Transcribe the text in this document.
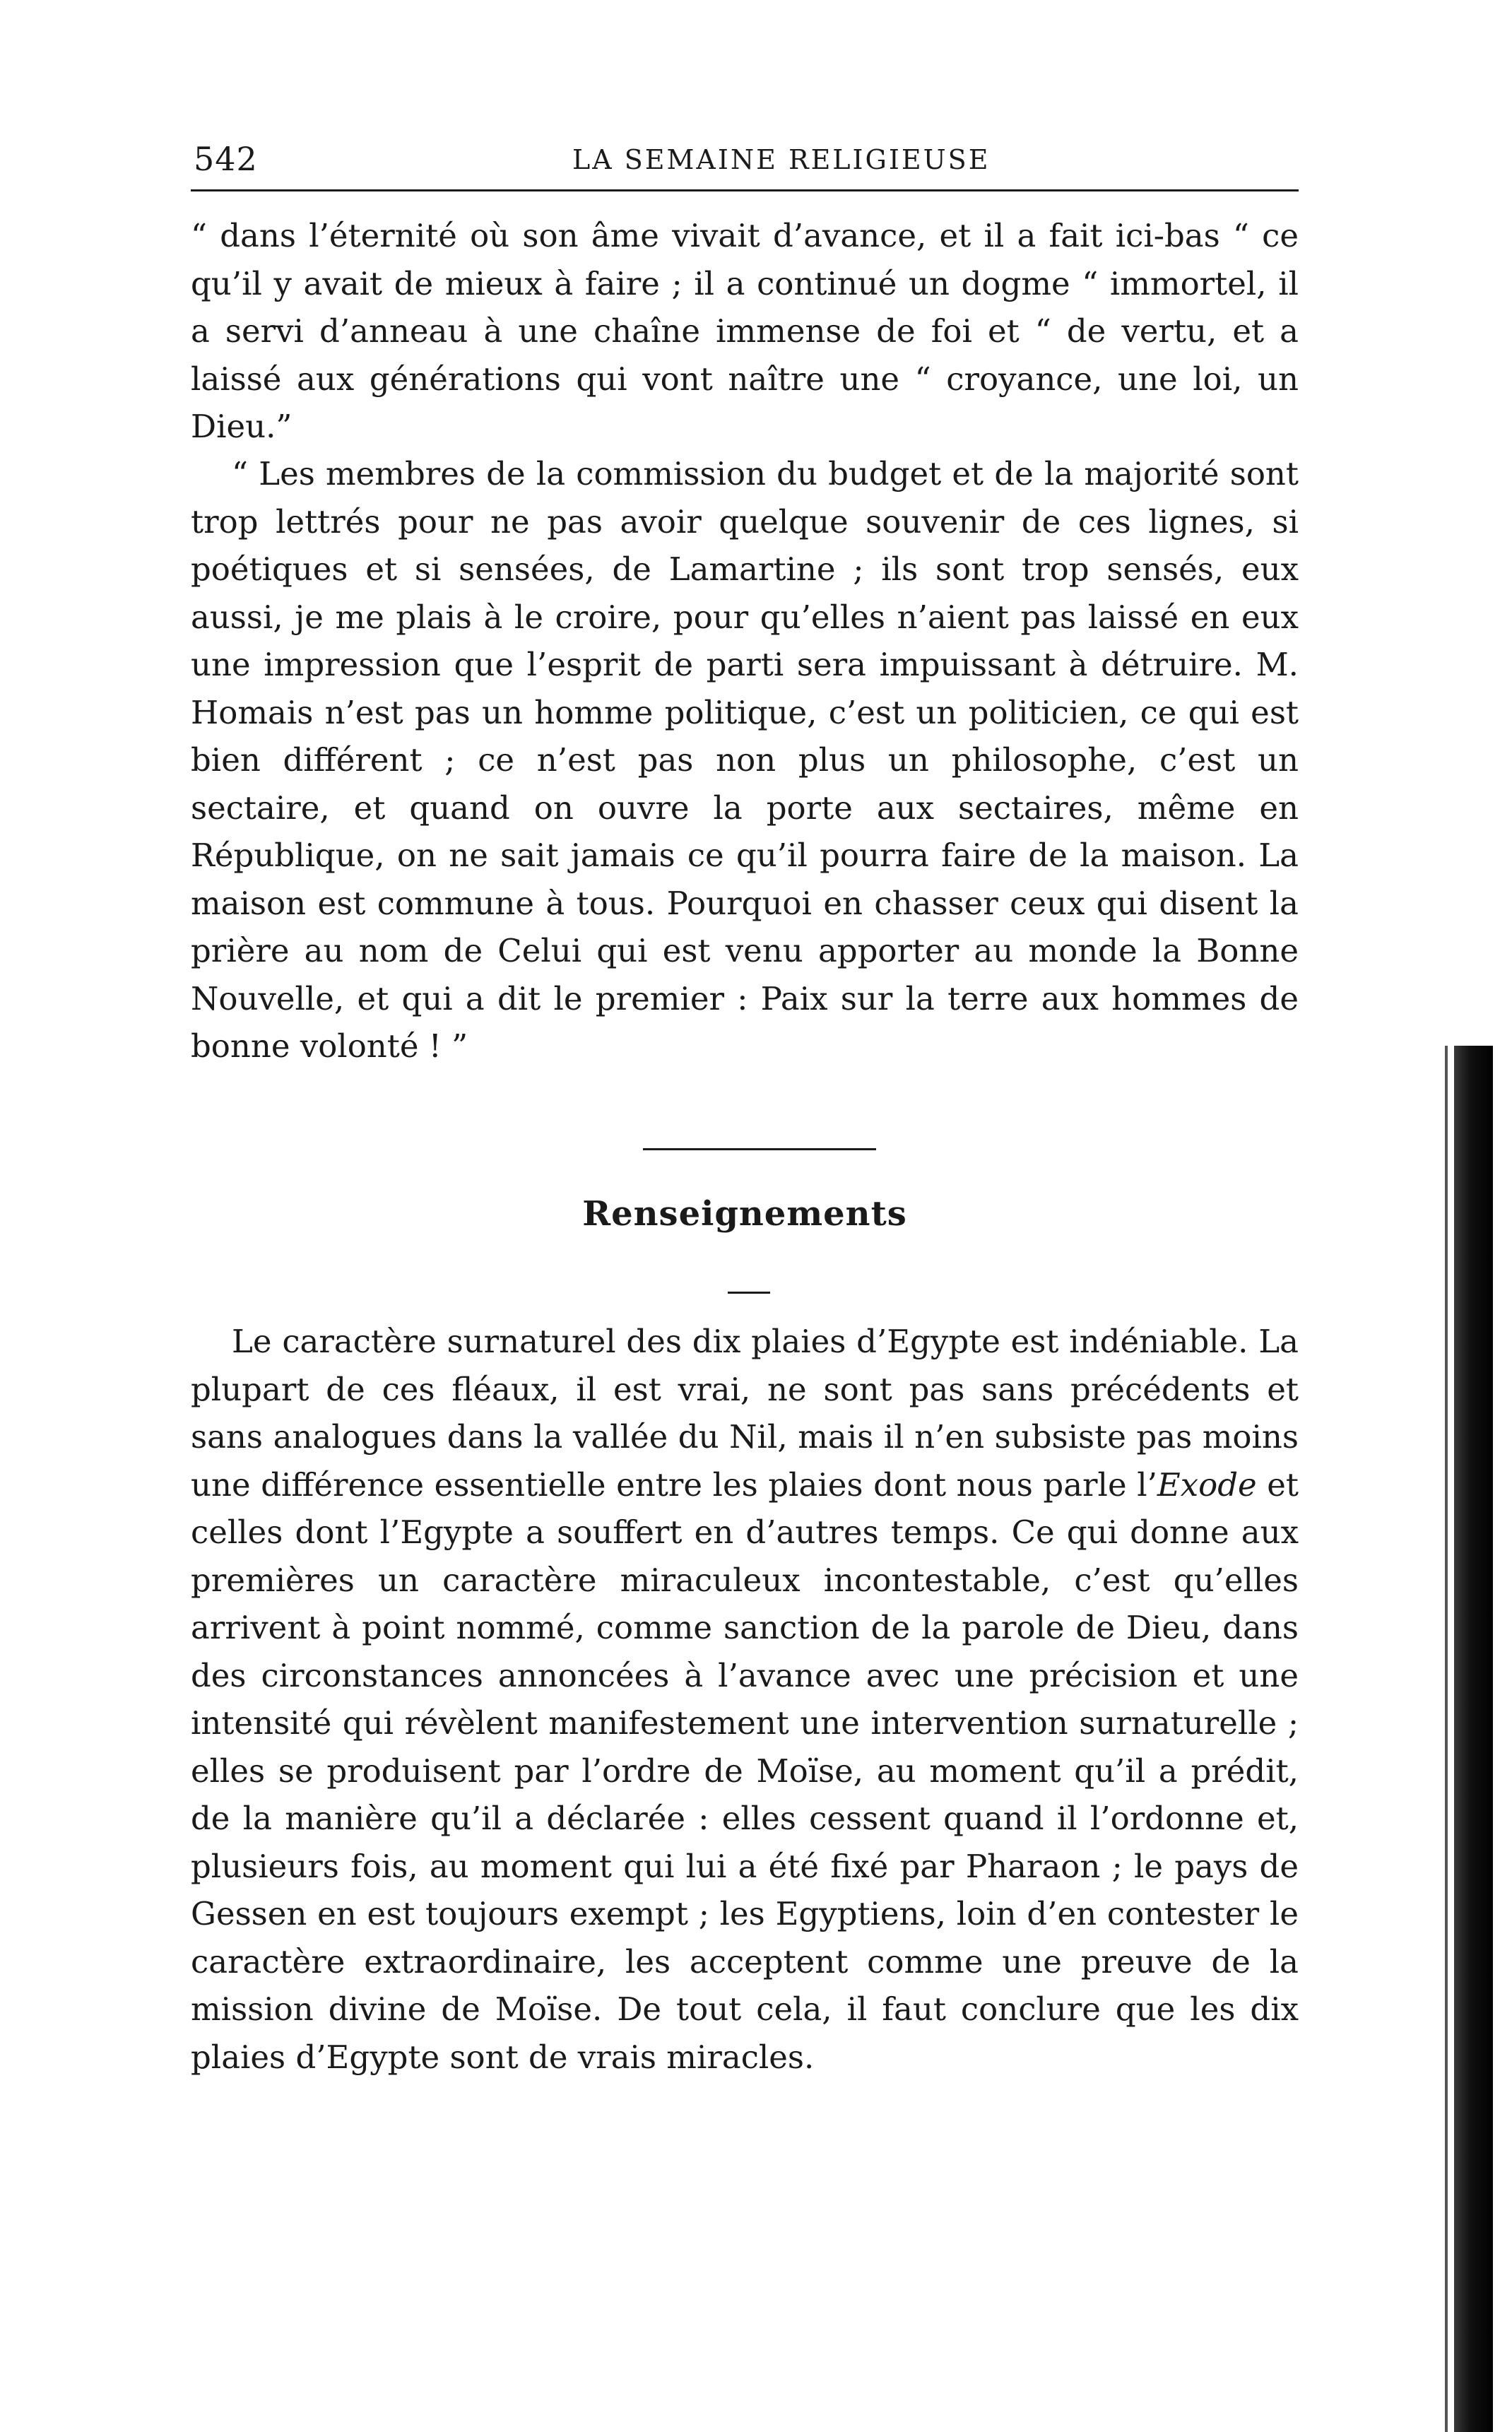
542	LA SEMAINE RELIGIEUSE

“ dans l’éternité où son âme vivait d’avance, et il a fait ici-bas “ ce qu’il y avait de mieux à faire ; il a continué un dogme “ immortel, il a servi d’anneau à une chaîne immense de foi et “ de vertu, et a laissé aux générations qui vont naître une “ croyance, une loi, un Dieu.”

“ Les membres de la commission du budget et de la majorité sont trop lettrés pour ne pas avoir quelque souvenir de ces lignes, si poétiques et si sensées, de Lamartine ; ils sont trop sensés, eux aussi, je me plais à le croire, pour qu’elles n’aient pas laissé en eux une impression que l’esprit de parti sera impuissant à détruire. M. Homais n’est pas un homme politique, c’est un politicien, ce qui est bien différent ; ce n’est pas non plus un philosophe, c’est un sectaire, et quand on ouvre la porte aux sectaires, même en République, on ne sait jamais ce qu’il pourra faire de la maison. La maison est commune à tous. Pourquoi en chasser ceux qui disent la prière au nom de Celui qui est venu apporter au monde la Bonne Nouvelle, et qui a dit le premier : Paix sur la terre aux hommes de bonne volonté ! ”

Renseignements

Le caractère surnaturel des dix plaies d’Egypte est indéniable. La plupart de ces fléaux, il est vrai, ne sont pas sans précédents et sans analogues dans la vallée du Nil, mais il n’en subsiste pas moins une différence essentielle entre les plaies dont nous parle l’Exode et celles dont l’Egypte a souffert en d’autres temps. Ce qui donne aux premières un caractère miraculeux incontestable, c’est qu’elles arrivent à point nommé, comme sanction de la parole de Dieu, dans des circonstances annoncées à l’avance avec une précision et une intensité qui révèlent manifestement une intervention surnaturelle ; elles se produisent par l’ordre de Moïse, au moment qu’il a prédit, de la manière qu’il a déclarée : elles cessent quand il l’ordonne et, plusieurs fois, au moment qui lui a été fixé par Pharaon ; le pays de Gessen en est toujours exempt ; les Egyptiens, loin d’en contester le caractère extraordinaire, les acceptent comme une preuve de la mission divine de Moïse. De tout cela, il faut conclure que les dix plaies d’Egypte sont de vrais miracles.
